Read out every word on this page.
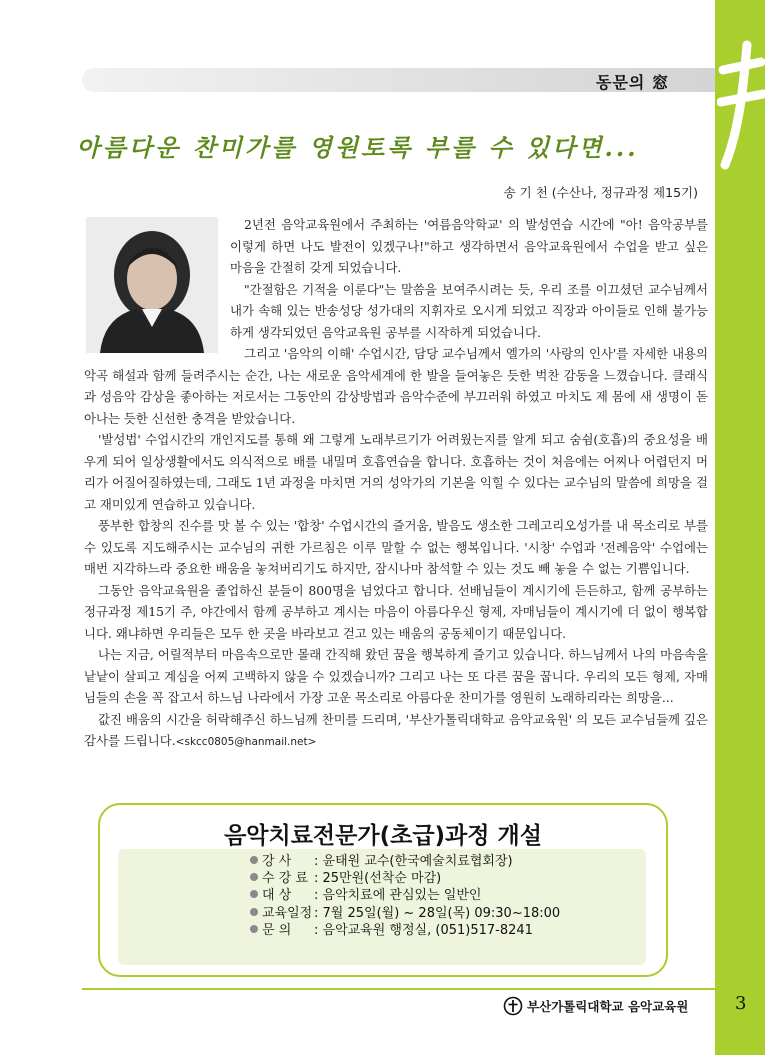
동문의 窓
아름다운 찬미가를 영원토록 부를 수 있다면...
송 기 천 (수산나, 정규과정 제15기)

2년전 음악교육원에서 주최하는 '여름음악학교' 의 발성연습 시간에 "아! 음악공부를 이렇게 하면 나도 발전이 있겠구나!"하고 생각하면서 음악교육원에서 수업을 받고 싶은 마음을 간절히 갖게 되었습니다.

"간절함은 기적을 이룬다"는 말씀을 보여주시려는 듯, 우리 조를 이끄셨던 교수님께서 내가 속해 있는 반송성당 성가대의 지휘자로 오시게 되었고 직장과 아이들로 인해 불가능하게 생각되었던 음악교육원 공부를 시작하게 되었습니다.

그리고 '음악의 이해' 수업시간, 담당 교수님께서 엘가의 '사랑의 인사'를 자세한 내용의 악곡 해설과 함께 들려주시는 순간, 나는 새로운 음악세계에 한 발을 들여놓은 듯한 벅찬 감동을 느꼈습니다. 클래식과 성음악 감상을 좋아하는 저로서는 그동안의 감상방법과 음악수준에 부끄러워 하였고 마치도 제 몸에 새 생명이 돋아나는 듯한 신선한 충격을 받았습니다.

'발성법' 수업시간의 개인지도를 통해 왜 그렇게 노래부르기가 어려웠는지를 알게 되고 숨쉼(호흡)의 중요성을 배우게 되어 일상생활에서도 의식적으로 배를 내밀며 호흡연습을 합니다. 호흡하는 것이 처음에는 어찌나 어렵던지 머리가 어질어질하였는데, 그래도 1년 과정을 마치면 거의 성악가의 기본을 익힐 수 있다는 교수님의 말씀에 희망을 걸고 재미있게 연습하고 있습니다.

풍부한 합창의 진수를 맛 볼 수 있는 '합창' 수업시간의 즐거움, 발음도 생소한 그레고리오성가를 내 목소리로 부를 수 있도록 지도해주시는 교수님의 귀한 가르침은 이루 말할 수 없는 행복입니다. '시창' 수업과 '전례음악' 수업에는 매번 지각하느라 중요한 배움을 놓쳐버리기도 하지만, 잠시나마 참석할 수 있는 것도 빼 놓을 수 없는 기쁨입니다.

그동안 음악교육원을 졸업하신 분들이 800명을 넘었다고 합니다. 선배님들이 계시기에 든든하고, 함께 공부하는 정규과정 제15기 주, 야간에서 함께 공부하고 계시는 마음이 아름다우신 형제, 자매님들이 계시기에 더 없이 행복합니다. 왜냐하면 우리들은 모두 한 곳을 바라보고 걷고 있는 배움의 공동체이기 때문입니다.

나는 지금, 어릴적부터 마음속으로만 몰래 간직해 왔던 꿈을 행복하게 즐기고 있습니다. 하느님께서 나의 마음속을 낱낱이 살피고 계심을 어찌 고백하지 않을 수 있겠습니까? 그리고 나는 또 다른 꿈을 꿉니다. 우리의 모든 형제, 자매님들의 손을 꼭 잡고서 하느님 나라에서 가장 고운 목소리로 아름다운 찬미가를 영원히 노래하리라는 희망을...

값진 배움의 시간을 허락해주신 하느님께 찬미를 드리며, '부산가톨릭대학교 음악교육원' 의 모든 교수님들께 깊은 감사를 드립니다.<skcc0805@hanmail.net>

음악치료전문가(초급)과정 개설
강 사 : 윤태원 교수(한국예술치료협회장)
수 강 료 : 25만원(선착순 마감)
대 상 : 음악치료에 관심있는 일반인
교육일정 : 7월 25일(월) ~ 28일(목) 09:30~18:00
문 의 : 음악교육원 행정실, (051)517-8241
부산가톨릭대학교 음악교육원	3
